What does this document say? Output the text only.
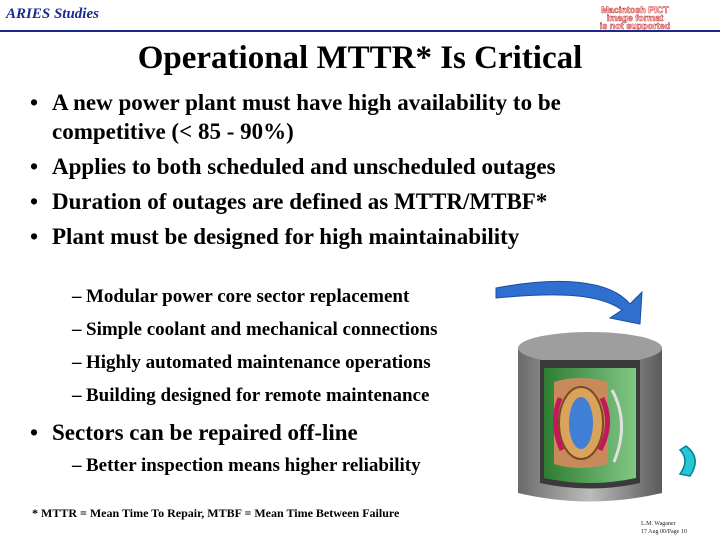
ARIES Studies	Macintosh PICT
image format
is not supported
Operational MTTR* Is Critical
• A new power plant must have high availability to be
competitive (< 85 - 90%)
• Applies to both scheduled and unscheduled outages
• Duration of outages are defined as MTTR/MTBF*
• Plant must be designed for high maintainability
– Modular power core sector replacement
– Simple coolant and mechanical connections
– Highly automated maintenance operations
– Building designed for remote maintenance
• Sectors can be repaired off-line
– Better inspection means higher reliability
* MTTR = Mean Time To Repair, MTBF = Mean Time Between Failure
L.M. Waganer
17 Aug 00/Page 10
